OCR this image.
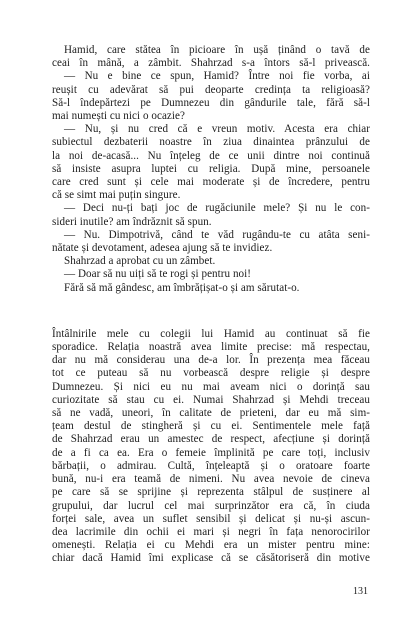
Hamid, care stătea în picioare în ușă ținând o tavă de
ceai în mână, a zâmbit. Shahrzad s-a întors să-l privească.
— Nu e bine ce spun, Hamid? Între noi fie vorba, ai
reușit cu adevărat să pui deoparte credința ta religioasă?
Să-l îndepărtezi pe Dumnezeu din gândurile tale, fără să-l
mai numești cu nici o ocazie?
— Nu, și nu cred că e vreun motiv. Acesta era chiar
subiectul dezbaterii noastre în ziua dinaintea prânzului de
la noi de-acasă... Nu înțeleg de ce unii dintre noi continuă
să insiste asupra luptei cu religia. După mine, persoanele
care cred sunt și cele mai moderate și de încredere, pentru
că se simt mai puțin singure.
— Deci nu-ți bați joc de rugăciunile mele? Și nu le con-
sideri inutile? am îndrăznit să spun.
— Nu. Dimpotrivă, când te văd rugându-te cu atâta seni-
nătate și devotament, adesea ajung să te invidiez.
Shahrzad a aprobat cu un zâmbet.
— Doar să nu uiți să te rogi și pentru noi!
Fără să mă gândesc, am îmbrățișat-o și am sărutat-o.
Întâlnirile mele cu colegii lui Hamid au continuat să fie
sporadice. Relația noastră avea limite precise: mă respectau,
dar nu mă considerau una de-a lor. În prezența mea făceau
tot ce puteau să nu vorbească despre religie și despre
Dumnezeu. Și nici eu nu mai aveam nici o dorință sau
curiozitate să stau cu ei. Numai Shahrzad și Mehdi treceau
să ne vadă, uneori, în calitate de prieteni, dar eu mă sim-
țeam destul de stingheră și cu ei. Sentimentele mele față
de Shahrzad erau un amestec de respect, afecțiune și dorință
de a fi ca ea. Era o femeie împlinită pe care toți, inclusiv
bărbații, o admirau. Cultă, înțeleaptă și o oratoare foarte
bună, nu-i era teamă de nimeni. Nu avea nevoie de cineva
pe care să se sprijine și reprezenta stâlpul de susținere al
grupului, dar lucrul cel mai surprinzător era că, în ciuda
forței sale, avea un suflet sensibil și delicat și nu-și ascun-
dea lacrimile din ochii ei mari și negri în fața nenorocirilor
omenești. Relația ei cu Mehdi era un mister pentru mine:
chiar dacă Hamid îmi explicase că se căsătoriseră din motive
131
